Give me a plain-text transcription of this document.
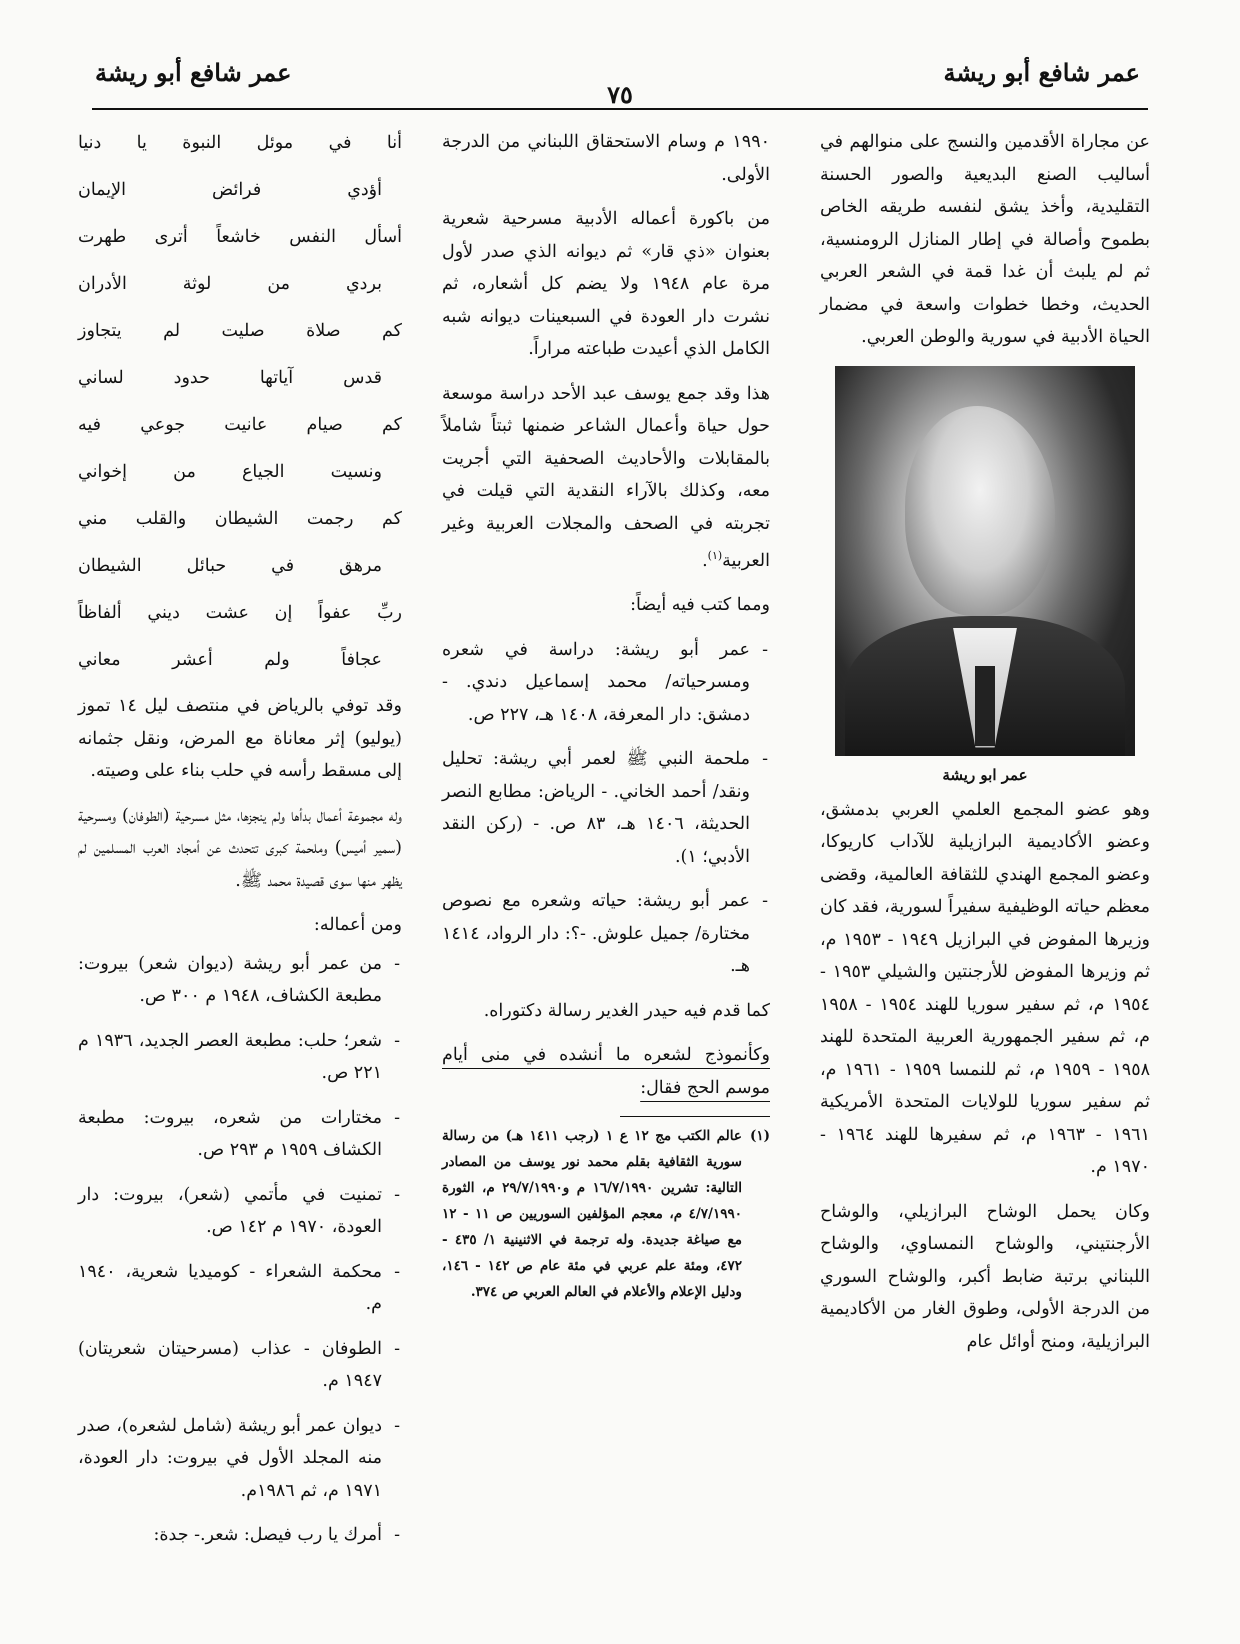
عمر شافع أبو ريشة
٧٥
عمر شافع أبو ريشة

عن مجاراة الأقدمين والنسج على منوالهم في أساليب الصنع البديعية والصور الحسنة التقليدية، وأخذ يشق لنفسه طريقه الخاص بطموح وأصالة في إطار المنازل الرومنسية، ثم لم يلبث أن غدا قمة في الشعر العربي الحديث، وخطا خطوات واسعة في مضمار الحياة الأدبية في سورية والوطن العربي.

عمر ابو ريشة

وهو عضو المجمع العلمي العربي بدمشق، وعضو الأكاديمية البرازيلية للآداب كاريوكا، وعضو المجمع الهندي للثقافة العالمية، وقضى معظم حياته الوظيفية سفيراً لسورية، فقد كان وزيرها المفوض في البرازيل ١٩٤٩ - ١٩٥٣ م، ثم وزيرها المفوض للأرجنتين والشيلي ١٩٥٣ - ١٩٥٤ م، ثم سفير سوريا للهند ١٩٥٤ - ١٩٥٨ م، ثم سفير الجمهورية العربية المتحدة للهند ١٩٥٨ - ١٩٥٩ م، ثم للنمسا ١٩٥٩ - ١٩٦١ م، ثم سفير سوريا للولايات المتحدة الأمريكية ١٩٦١ - ١٩٦٣ م، ثم سفيرها للهند ١٩٦٤ - ١٩٧٠ م.

وكان يحمل الوشاح البرازيلي، والوشاح الأرجنتيني، والوشاح النمساوي، والوشاح اللبناني برتبة ضابط أكبر، والوشاح السوري من الدرجة الأولى، وطوق الغار من الأكاديمية البرازيلية، ومنح أوائل عام

١٩٩٠ م وسام الاستحقاق اللبناني من الدرجة الأولى.

من باكورة أعماله الأدبية مسرحية شعرية بعنوان «ذي قار» ثم ديوانه الذي صدر لأول مرة عام ١٩٤٨ ولا يضم كل أشعاره، ثم نشرت دار العودة في السبعينات ديوانه شبه الكامل الذي أعيدت طباعته مراراً.

هذا وقد جمع يوسف عبد الأحد دراسة موسعة حول حياة وأعمال الشاعر ضمنها ثبتاً شاملاً بالمقابلات والأحاديث الصحفية التي أجريت معه، وكذلك بالآراء النقدية التي قيلت في تجربته في الصحف والمجلات العربية وغير العربية$^{(١)}$.

ومما كتب فيه أيضاً:

- عمر أبو ريشة: دراسة في شعره ومسرحياته/ محمد إسماعيل دندي. - دمشق: دار المعرفة، ١٤٠٨ هـ، ٢٢٧ ص.

- ملحمة النبي ﷺ لعمر أبي ريشة: تحليل ونقد/ أحمد الخاني. - الرياض: مطابع النصر الحديثة، ١٤٠٦ هـ، ٨٣ ص. - (ركن النقد الأدبي؛ ١).

- عمر أبو ريشة: حياته وشعره مع نصوص مختارة/ جميل علوش. -؟: دار الرواد، ١٤١٤ هـ.

كما قدم فيه حيدر الغدير رسالة دكتوراه.

وكأنموذج لشعره ما أنشده في منى أيام موسم الحج فقال:

(١)
عالم الكتب مج ١٢ ع ١ (رجب ١٤١١ هـ) من رسالة سورية الثقافية بقلم محمد نور يوسف من المصادر التالية: تشرين ١٦/٧/١٩٩٠ م و٢٩/٧/١٩٩٠ م، الثورة ٤/٧/١٩٩٠ م، معجم المؤلفين السوريين ص ١١ - ١٢ مع صياغة جديدة. وله ترجمة في الاثنينية ١/ ٤٣٥ - ٤٧٢، ومئة علم عربي في مئة عام ص ١٤٢ - ١٤٦، ودليل الإعلام والأعلام في العالم العربي ص ٣٧٤.

أنا في موئل النبوة يا دنيا

أؤدي فرائض الإيمان

أسأل النفس خاشعاً أترى طهرت

بردي من لوثة الأدران

كم صلاة صليت لم يتجاوز

قدس آياتها حدود لساني

كم صيام عانيت جوعي فيه

ونسيت الجياع من إخواني

كم رجمت الشيطان والقلب مني

مرهق في حبائل الشيطان

ربِّ عفواً إن عشت ديني ألفاظاً

عجافاً ولم أعشر معاني

وقد توفي بالرياض في منتصف ليل ١٤ تموز (يوليو) إثر معاناة مع المرض، ونقل جثمانه إلى مسقط رأسه في حلب بناء على وصيته.

وله مجموعة أعمال بدأها ولم ينجزها، مثل مسرحية (الطوفان) ومسرحية (سمير أميس) وملحمة كبرى تتحدث عن أمجاد العرب المسلمين لم يظهر منها سوى قصيدة محمد ﷺ.

ومن أعماله:

- من عمر أبو ريشة (ديوان شعر) بيروت: مطبعة الكشاف، ١٩٤٨ م ٣٠٠ ص.

- شعر؛ حلب: مطبعة العصر الجديد، ١٩٣٦ م ٢٢١ ص.

- مختارات من شعره، بيروت: مطبعة الكشاف ١٩٥٩ م ٢٩٣ ص.

- تمنيت في مأتمي (شعر)، بيروت: دار العودة، ١٩٧٠ م ١٤٢ ص.

- محكمة الشعراء - كوميديا شعرية، ١٩٤٠ م.

- الطوفان - عذاب (مسرحيتان شعريتان) ١٩٤٧ م.

- ديوان عمر أبو ريشة (شامل لشعره)، صدر منه المجلد الأول في بيروت: دار العودة، ١٩٧١ م، ثم ١٩٨٦م.

- أمرك يا رب فيصل: شعر.- جدة:
